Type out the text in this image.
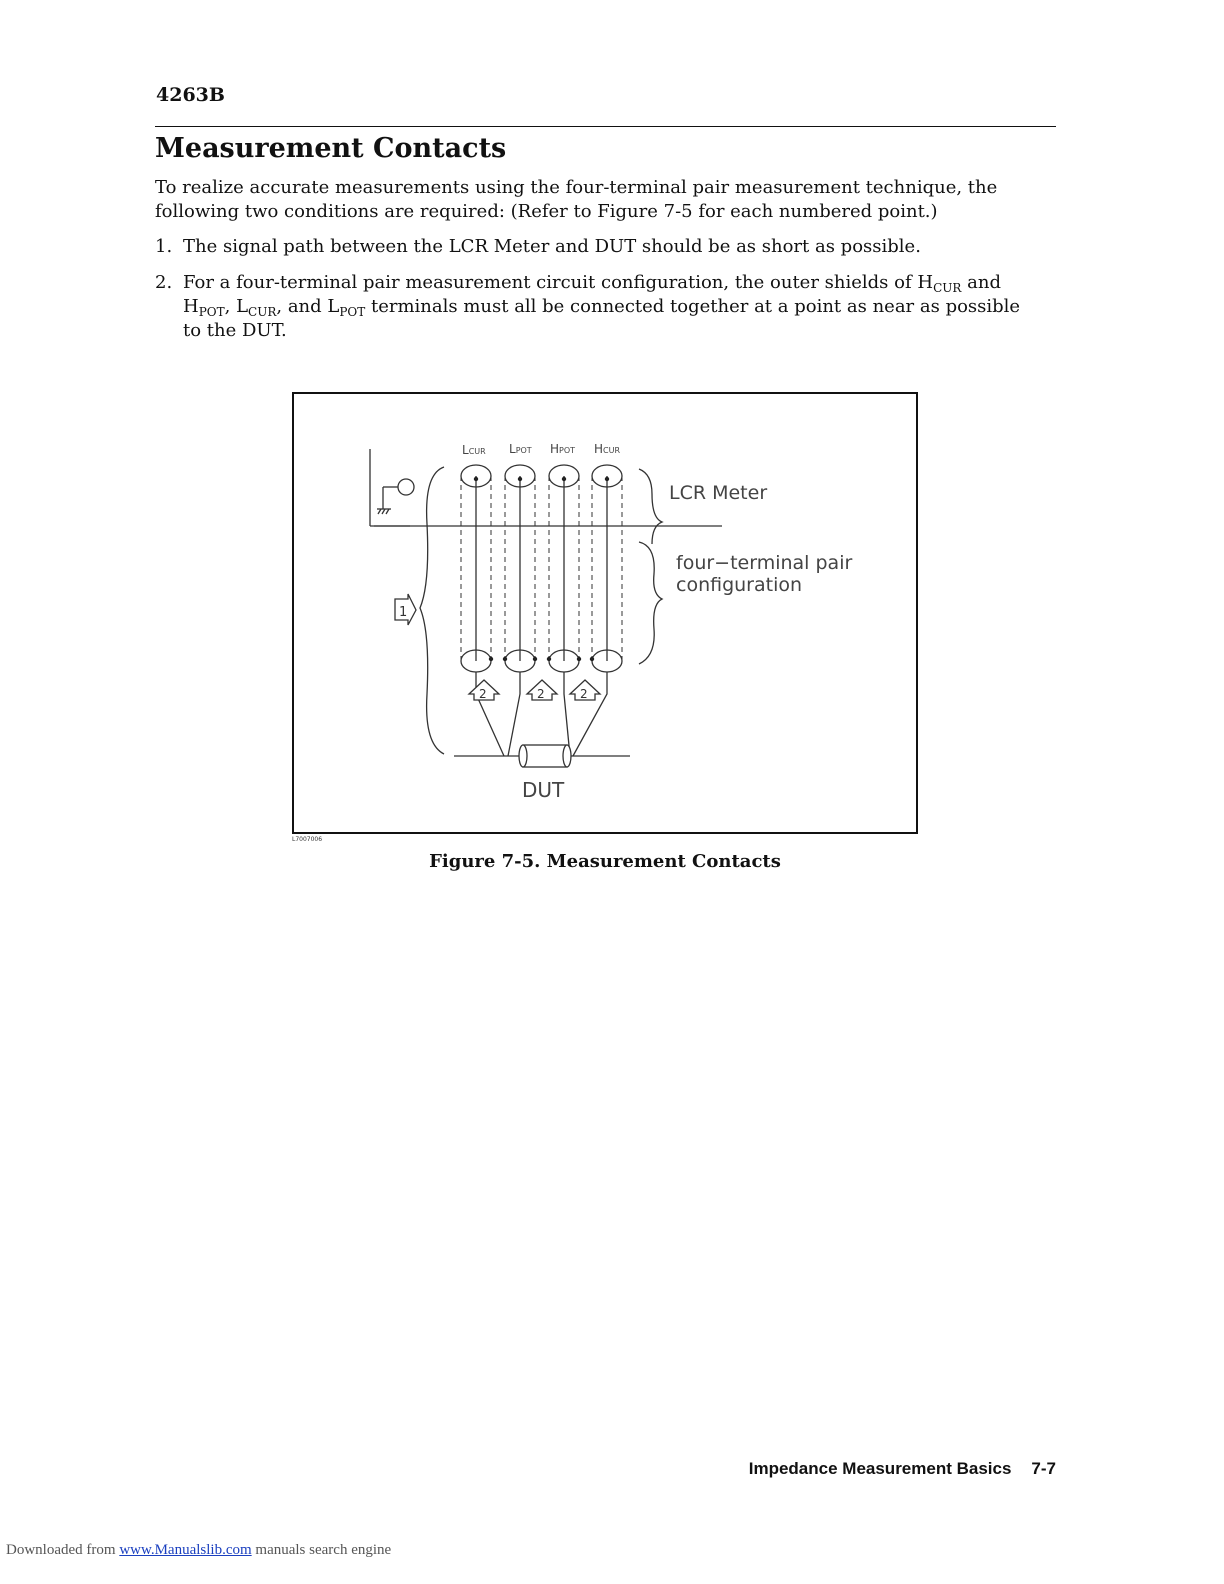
4263B
Measurement Contacts

To realize accurate measurements using the four-terminal pair measurement technique, the following two conditions are required: (Refer to Figure 7-5 for each numbered point.)

1. The signal path between the LCR Meter and DUT should be as short as possible.
2. For a four-terminal pair measurement circuit configuration, the outer shields of $H_{CUR}$ and $H_{POT}$, $L_{CUR}$, and $L_{POT}$ terminals must all be connected together at a point as near as possible to the DUT.
1
2	2	2
LCUR LPOT HPOT HCUR
LCR Meter
four−terminal pair
configuration
DUT
L7007006
Figure 7-5. Measurement Contacts
Impedance Measurement Basics 7-7
Downloaded from www.Manualslib.com manuals search engine
